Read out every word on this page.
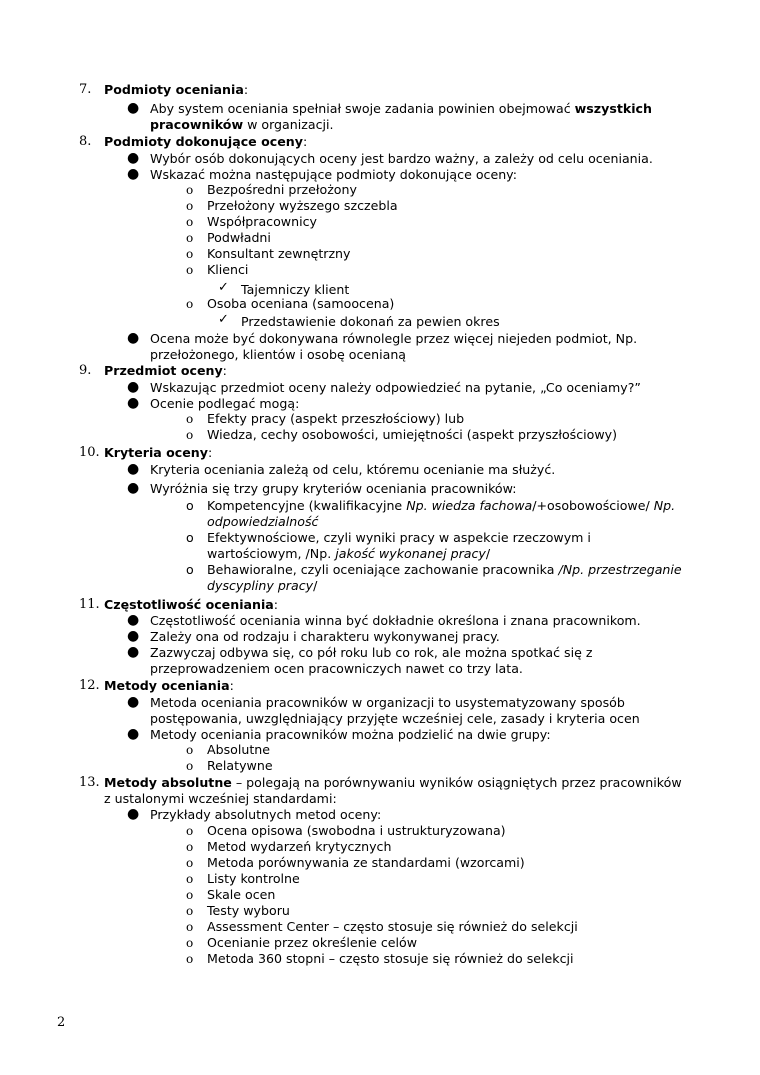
7. Podmioty oceniania:
● Aby system oceniania spełniał swoje zadania powinien obejmować wszystkich
pracowników w organizacji.
8. Podmioty dokonujące oceny:
● Wybór osób dokonujących oceny jest bardzo ważny, a zależy od celu oceniania.
● Wskazać można następujące podmioty dokonujące oceny:
o Bezpośredni przełożony
o Przełożony wyższego szczebla
o Współpracownicy
o Podwładni
o Konsultant zewnętrzny
o Klienci
✓ Tajemniczy klient
o Osoba oceniana (samoocena)
✓ Przedstawienie dokonań za pewien okres
● Ocena może być dokonywana równolegle przez więcej niejeden podmiot, Np.
przełożonego, klientów i osobę ocenianą
9. Przedmiot oceny:
● Wskazując przedmiot oceny należy odpowiedzieć na pytanie, „Co oceniamy?”
● Ocenie podlegać mogą:
o Efekty pracy (aspekt przeszłościowy) lub
o Wiedza, cechy osobowości, umiejętności (aspekt przyszłościowy)
10. Kryteria oceny:
● Kryteria oceniania zależą od celu, któremu ocenianie ma służyć.
● Wyróżnia się trzy grupy kryteriów oceniania pracowników:
o Kompetencyjne (kwalifikacyjne Np. wiedza fachowa/+osobowościowe/ Np.
odpowiedzialność
o Efektywnościowe, czyli wyniki pracy w aspekcie rzeczowym i
wartościowym, /Np. jakość wykonanej pracy/
o Behawioralne, czyli oceniające zachowanie pracownika /Np. przestrzeganie
dyscypliny pracy/
11. Częstotliwość oceniania:
● Częstotliwość oceniania winna być dokładnie określona i znana pracownikom.
● Zależy ona od rodzaju i charakteru wykonywanej pracy.
● Zazwyczaj odbywa się, co pół roku lub co rok, ale można spotkać się z
przeprowadzeniem ocen pracowniczych nawet co trzy lata.
12. Metody oceniania:
● Metoda oceniania pracowników w organizacji to usystematyzowany sposób
postępowania, uwzględniający przyjęte wcześniej cele, zasady i kryteria ocen
● Metody oceniania pracowników można podzielić na dwie grupy:
o Absolutne
o Relatywne
13. Metody absolutne – polegają na porównywaniu wyników osiągniętych przez pracowników
z ustalonymi wcześniej standardami:
● Przykłady absolutnych metod oceny:
o Ocena opisowa (swobodna i ustrukturyzowana)
o Metod wydarzeń krytycznych
o Metoda porównywania ze standardami (wzorcami)
o Listy kontrolne
o Skale ocen
o Testy wyboru
o Assessment Center – często stosuje się również do selekcji
o Ocenianie przez określenie celów
o Metoda 360 stopni – często stosuje się również do selekcji
2
